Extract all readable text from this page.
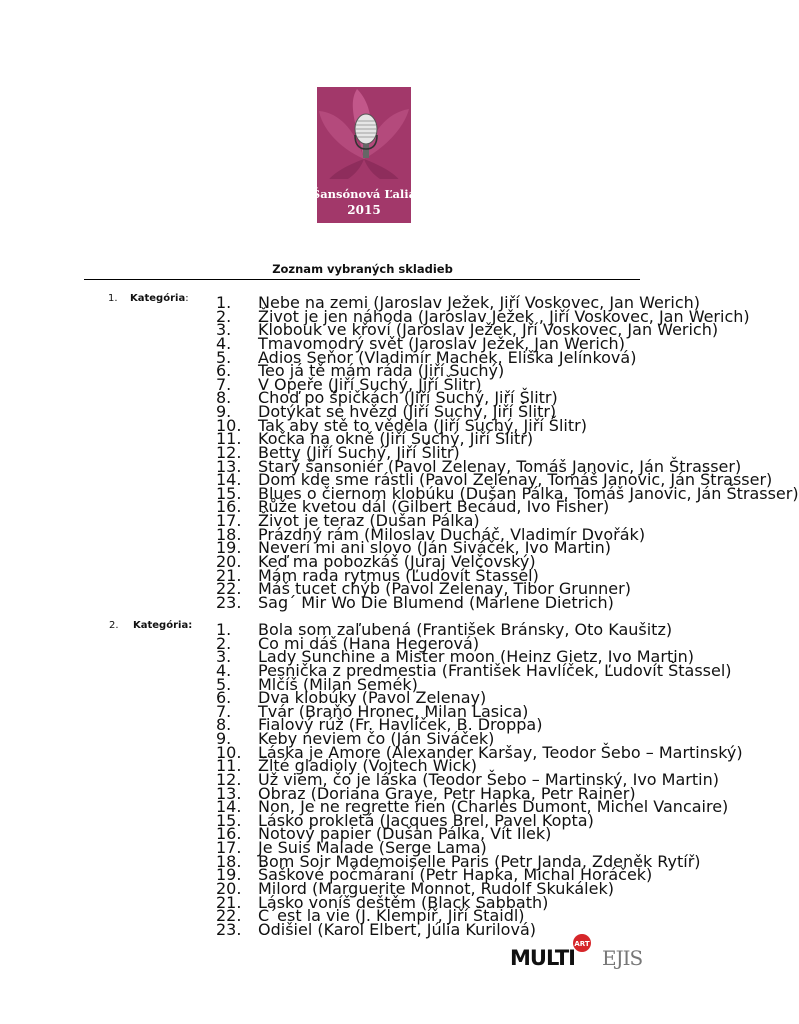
Šansónová Ľalia
2015
Zoznam vybraných skladieb
1. Kategória: 1. Nebe na zemi (Jaroslav Ježek, Jiří Voskovec, Jan Werich)
2. Život je jen náhoda (Jaroslav Ježek , Jiří Voskovec, Jan Werich)
3. Klobouk ve křoví (Jaroslav Ježek, Jří Voskovec, Jan Werich)
4. Tmavomodrý svět (Jaroslav Ježek, Jan Werich)
5. Adios Seňor (Vladimír Machek, Eliška Jelínková)
6. Teo já tě mám ráda (Jiří Suchý)
7. V Opeře (Jiří Suchý, Jiří Šlitr)
8. Choď po špičkách (Jiří Suchý, Jiří Šlitr)
9. Dotýkat se hvězd (Jiří Suchý, Jiří Šlitr)
10. Tak aby stě to věděla (Jiří Suchý, Jiří Šlitr)
11. Kočka na okně (Jiří Suchý, Jiří Šlitr)
12. Betty (Jiří Suchý, Jiří Šlitr)
13. Starý šansoniér (Pavol Zelenay, Tomáš Janovic, Ján Štrasser)
14. Dom kde sme rástli (Pavol Zelenay, Tomáš Janovic, Ján Štrasser)
15. Blues o čiernom klobúku (Dušan Pálka, Tomáš Janovic, Ján Štrasser)
16. Růže kvetou dál (Gilbert Becáud, Ivo Fisher)
17. Život je teraz (Dušan Pálka)
18. Prázdný rám (Miloslav Ducháč, Vladimír Dvořák)
19. Neverí mi ani slovo (Ján Siváček, Ivo Martin)
20. Keď ma pobozkáš (Juraj Velčovský)
21. Mám rada rytmus (Ľudovít Štassel)
22. Máš tucet chýb (Pavol Zelenay, Tibor Grunner)
23. Sag´ Mir Wo Die Blumend (Marlene Dietrich)
2. Kategória: 1. Bola som zaľubená (František Bránsky, Oto Kaušitz)
2. Co mi dáš (Hana Hegerová)
3. Lady Sunchine a Mister moon (Heinz Gietz, Ivo Martin)
4. Pesnička z predmestia (František Havlíček, Ľudovít Štassel)
5. Mlčíš (Milan Semék)
6. Dva klobúky (Pavol Zelenay)
7. Tvár (Braňo Hronec, Milan Lasica)
8. Fialový rúž (Fr. Havlíček, B. Droppa)
9. Keby neviem čo (Ján Siváček)
10. Láska je Amore (Alexander Karšay, Teodor Šebo – Martinský)
11. Žlté gladioly (Vojtech Wick)
12. Už viem, čo je láska (Teodor Šebo – Martinský, Ivo Martin)
13. Obraz (Doriana Graye, Petr Hapka, Petr Rainer)
14. Non, Je ne regrette rien (Charles Dumont, Michel Vancaire)
15. Lásko prokletá (Jacques Brel, Pavel Kopta)
16. Notový papier (Dušan Pálka, Vít Ilek)
17. Je Suis Malade (Serge Lama)
18. Bom Soir Mademoiselle Paris (Petr Janda, Zdeněk Rytíř)
19. Šaškové počmáraní (Petr Hapka, Michal Horáček)
20. Milord (Marguerite Monnot, Rudolf Skukálek)
21. Lásko voníš deštěm (Black Sabbath)
22. C´est la vie (J. Klempíř, Jiří Štaidl)
23. Odišiel (Karol Elbert, Júlia Kurilová)
MULTI
ART
EJIS
